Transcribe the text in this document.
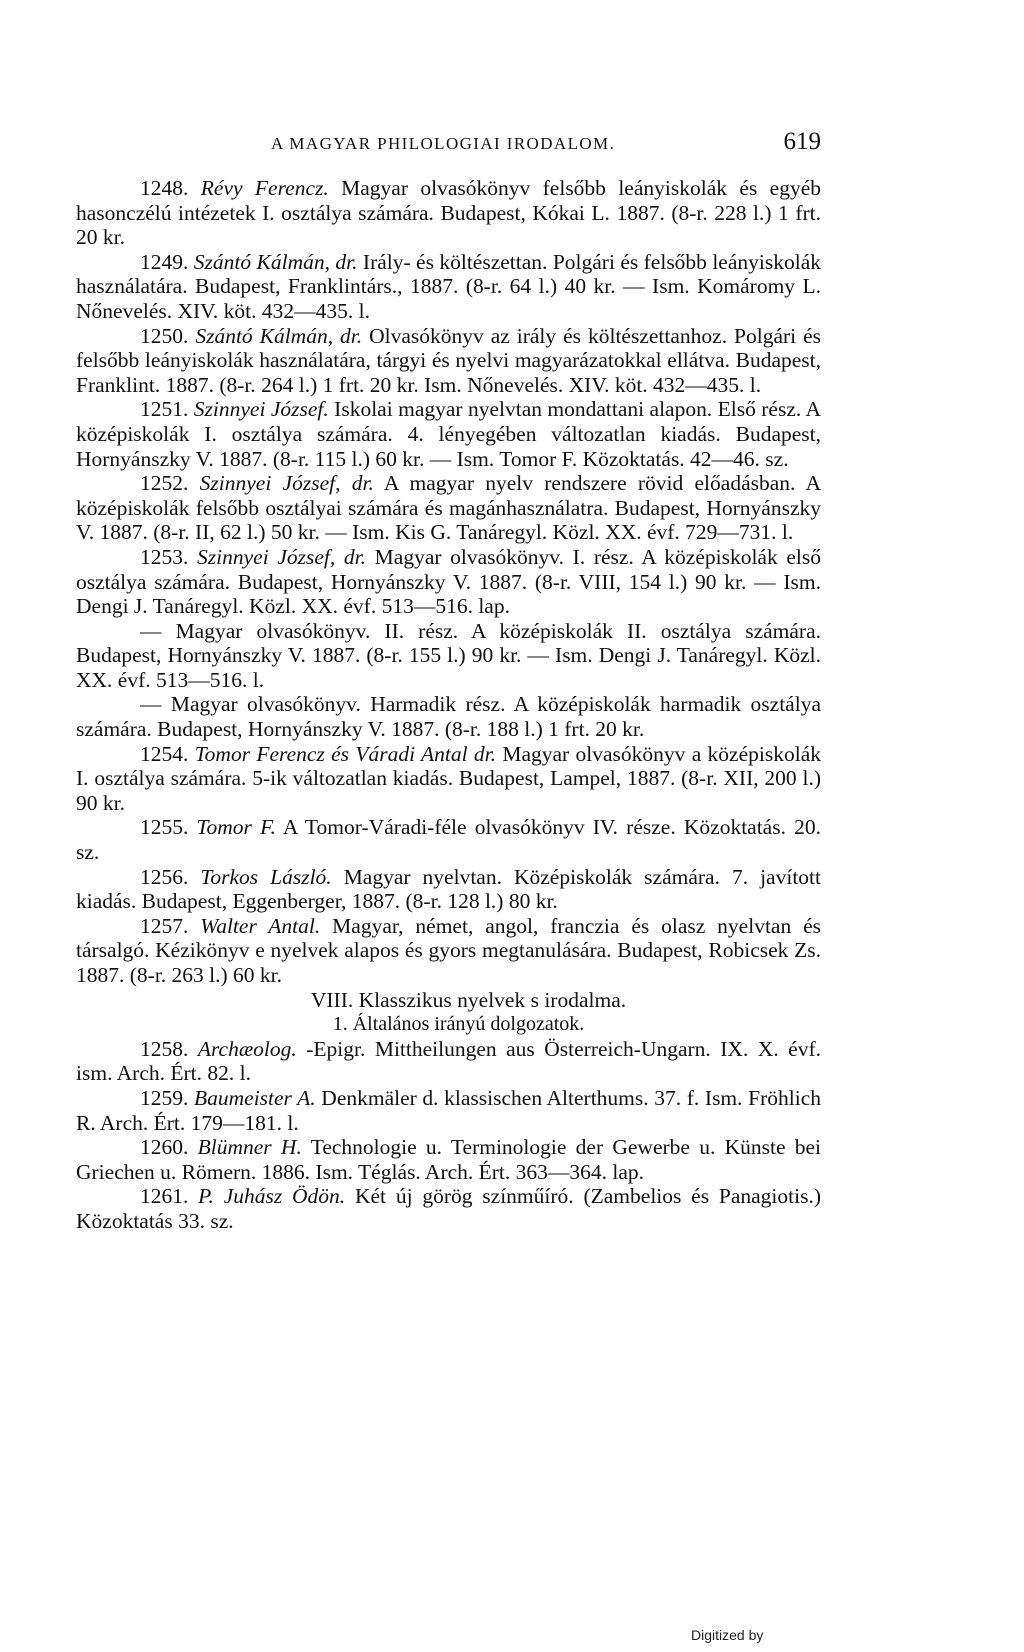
A MAGYAR PHILOLOGIAI IRODALOM.	619

1248. Révy Ferencz. Magyar olvasókönyv felsőbb leányiskolák és egyéb hasonczélú intézetek I. osztálya számára. Budapest, Kókai L. 1887. (8-r. 228 l.) 1 frt. 20 kr.

1249. Szántó Kálmán, dr. Irály- és költészettan. Polgári és felsőbb leányiskolák használatára. Budapest, Franklintárs., 1887. (8-r. 64 l.) 40 kr. — Ism. Komáromy L. Nőnevelés. XIV. köt. 432—435. l.

1250. Szántó Kálmán, dr. Olvasókönyv az irály és költészettanhoz. Polgári és felsőbb leányiskolák használatára, tárgyi és nyelvi magyarázatokkal ellátva. Budapest, Franklint. 1887. (8-r. 264 l.) 1 frt. 20 kr. Ism. Nőnevelés. XIV. köt. 432—435. l.

1251. Szinnyei József. Iskolai magyar nyelvtan mondattani alapon. Első rész. A középiskolák I. osztálya számára. 4. lényegében változatlan kiadás. Budapest, Hornyánszky V. 1887. (8-r. 115 l.) 60 kr. — Ism. Tomor F. Közoktatás. 42—46. sz.

1252. Szinnyei József, dr. A magyar nyelv rendszere rövid előadásban. A középiskolák felsőbb osztályai számára és magánhasználatra. Budapest, Hornyánszky V. 1887. (8-r. II, 62 l.) 50 kr. — Ism. Kis G. Tanáregyl. Közl. XX. évf. 729—731. l.

1253. Szinnyei József, dr. Magyar olvasókönyv. I. rész. A középiskolák első osztálya számára. Budapest, Hornyánszky V. 1887. (8-r. VIII, 154 l.) 90 kr. — Ism. Dengi J. Tanáregyl. Közl. XX. évf. 513—516. lap.

— Magyar olvasókönyv. II. rész. A középiskolák II. osztálya számára. Budapest, Hornyánszky V. 1887. (8-r. 155 l.) 90 kr. — Ism. Dengi J. Tanáregyl. Közl. XX. évf. 513—516. l.

— Magyar olvasókönyv. Harmadik rész. A középiskolák harmadik osztálya számára. Budapest, Hornyánszky V. 1887. (8-r. 188 l.) 1 frt. 20 kr.

1254. Tomor Ferencz és Váradi Antal dr. Magyar olvasókönyv a középiskolák I. osztálya számára. 5-ik változatlan kiadás. Budapest, Lampel, 1887. (8-r. XII, 200 l.) 90 kr.

1255. Tomor F. A Tomor-Váradi-féle olvasókönyv IV. része. Közoktatás. 20. sz.

1256. Torkos László. Magyar nyelvtan. Középiskolák számára. 7. javított kiadás. Budapest, Eggenberger, 1887. (8-r. 128 l.) 80 kr.

1257. Walter Antal. Magyar, német, angol, franczia és olasz nyelvtan és társalgó. Kézikönyv e nyelvek alapos és gyors megtanulására. Budapest, Robicsek Zs. 1887. (8-r. 263 l.) 60 kr.

VIII. Klasszikus nyelvek s irodalma.

1. Általános irányú dolgozatok.

1258. Archæolog. -Epigr. Mittheilungen aus Österreich-Ungarn. IX. X. évf. ism. Arch. Ért. 82. l.

1259. Baumeister A. Denkmäler d. klassischen Alterthums. 37. f. Ism. Fröhlich R. Arch. Ért. 179—181. l.

1260. Blümner H. Technologie u. Terminologie der Gewerbe u. Künste bei Griechen u. Römern. 1886. Ism. Téglás. Arch. Ért. 363—364. lap.

1261. P. Juhász Ödön. Két új görög színműíró. (Zambelios és Panagiotis.) Közoktatás 33. sz.

Digitized by
